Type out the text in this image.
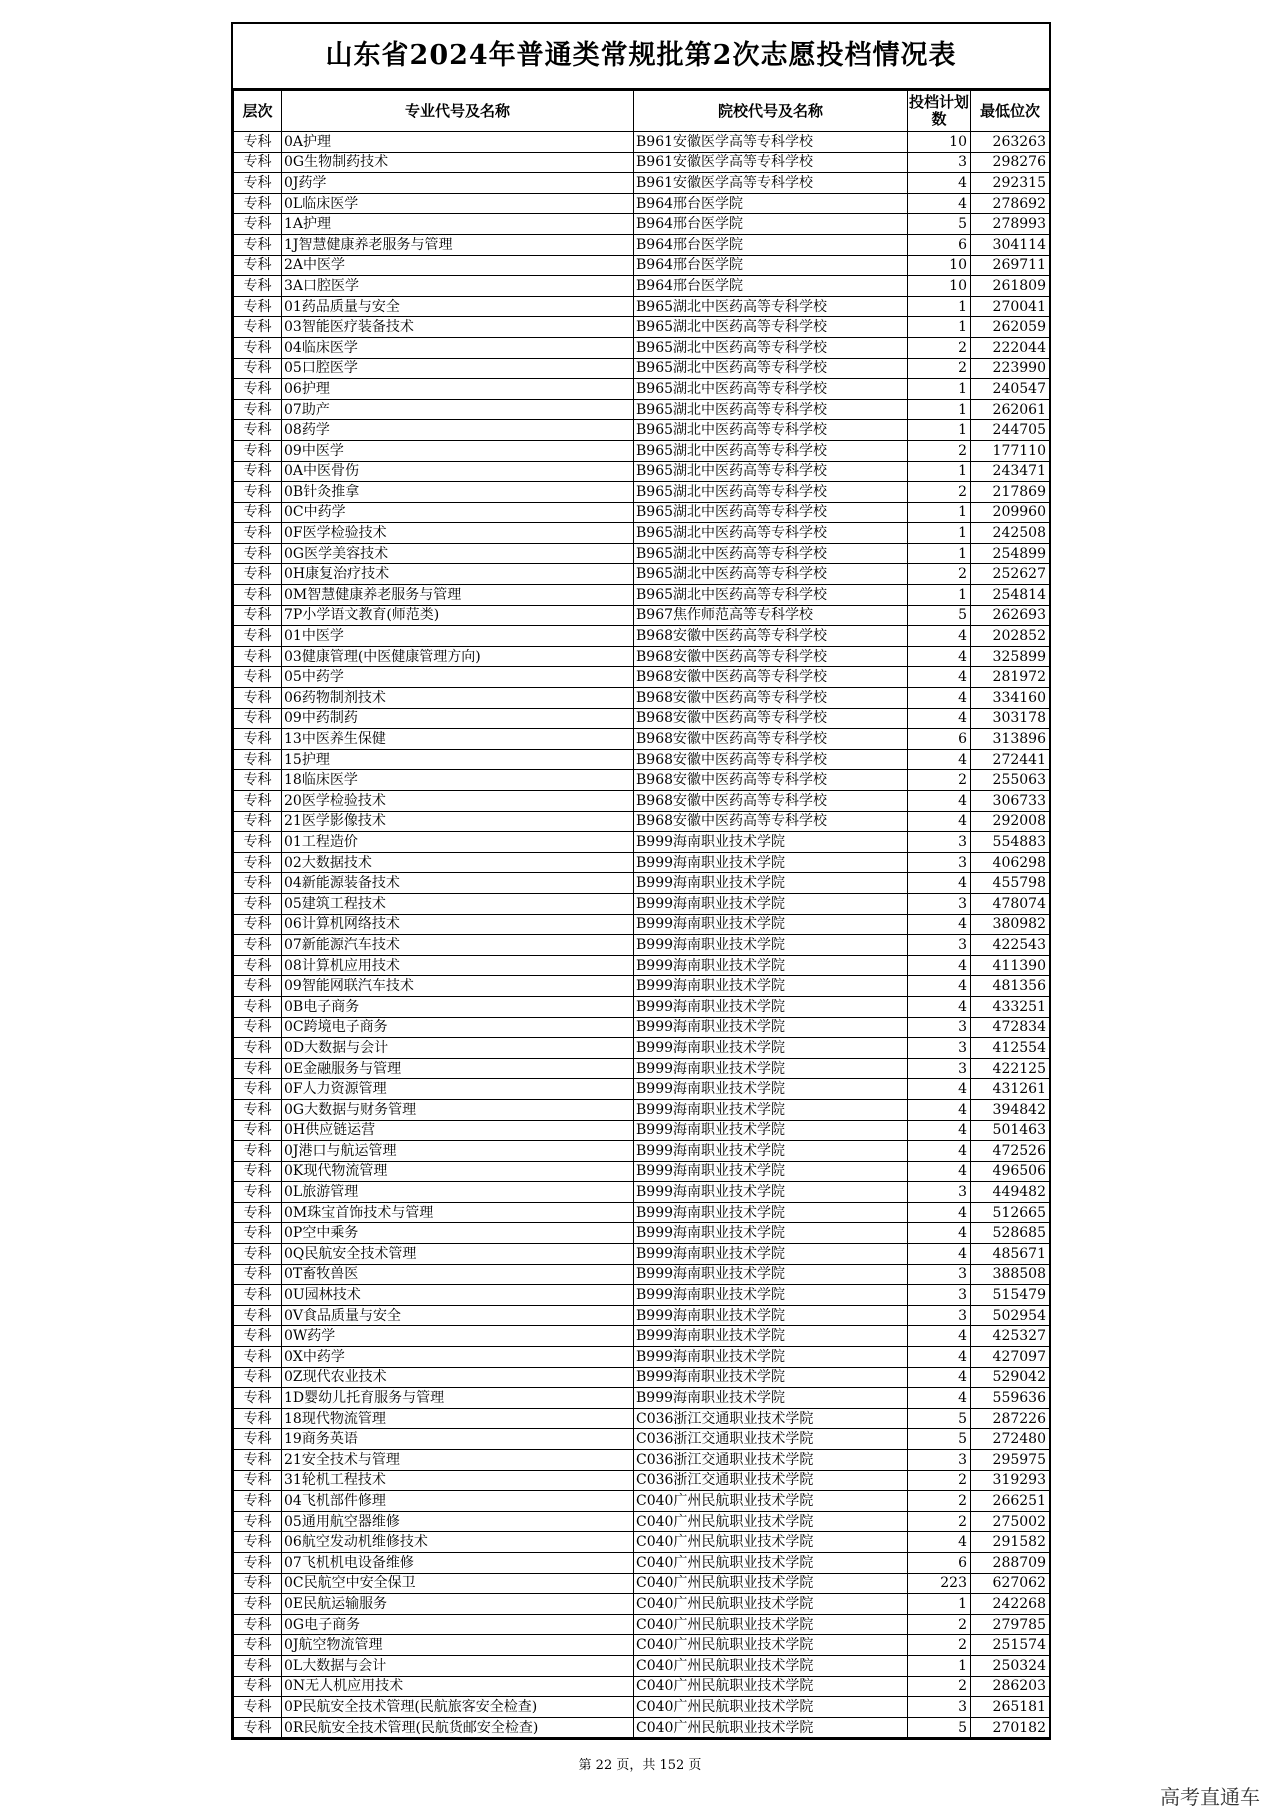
山东省2024年普通类常规批第2次志愿投档情况表
层次	专业代号及名称	院校代号及名称	投档计划数	最低位次
专科	0A护理	B961安徽医学高等专科学校	10	263263
专科	0G生物制药技术	B961安徽医学高等专科学校	3	298276
专科	0J药学	B961安徽医学高等专科学校	4	292315
专科	0L临床医学	B964邢台医学院	4	278692
专科	1A护理	B964邢台医学院	5	278993
专科	1J智慧健康养老服务与管理	B964邢台医学院	6	304114
专科	2A中医学	B964邢台医学院	10	269711
专科	3A口腔医学	B964邢台医学院	10	261809
专科	01药品质量与安全	B965湖北中医药高等专科学校	1	270041
专科	03智能医疗装备技术	B965湖北中医药高等专科学校	1	262059
专科	04临床医学	B965湖北中医药高等专科学校	2	222044
专科	05口腔医学	B965湖北中医药高等专科学校	2	223990
专科	06护理	B965湖北中医药高等专科学校	1	240547
专科	07助产	B965湖北中医药高等专科学校	1	262061
专科	08药学	B965湖北中医药高等专科学校	1	244705
专科	09中医学	B965湖北中医药高等专科学校	2	177110
专科	0A中医骨伤	B965湖北中医药高等专科学校	1	243471
专科	0B针灸推拿	B965湖北中医药高等专科学校	2	217869
专科	0C中药学	B965湖北中医药高等专科学校	1	209960
专科	0F医学检验技术	B965湖北中医药高等专科学校	1	242508
专科	0G医学美容技术	B965湖北中医药高等专科学校	1	254899
专科	0H康复治疗技术	B965湖北中医药高等专科学校	2	252627
专科	0M智慧健康养老服务与管理	B965湖北中医药高等专科学校	1	254814
专科	7P小学语文教育(师范类)	B967焦作师范高等专科学校	5	262693
专科	01中医学	B968安徽中医药高等专科学校	4	202852
专科	03健康管理(中医健康管理方向)	B968安徽中医药高等专科学校	4	325899
专科	05中药学	B968安徽中医药高等专科学校	4	281972
专科	06药物制剂技术	B968安徽中医药高等专科学校	4	334160
专科	09中药制药	B968安徽中医药高等专科学校	4	303178
专科	13中医养生保健	B968安徽中医药高等专科学校	6	313896
专科	15护理	B968安徽中医药高等专科学校	4	272441
专科	18临床医学	B968安徽中医药高等专科学校	2	255063
专科	20医学检验技术	B968安徽中医药高等专科学校	4	306733
专科	21医学影像技术	B968安徽中医药高等专科学校	4	292008
专科	01工程造价	B999海南职业技术学院	3	554883
专科	02大数据技术	B999海南职业技术学院	3	406298
专科	04新能源装备技术	B999海南职业技术学院	4	455798
专科	05建筑工程技术	B999海南职业技术学院	3	478074
专科	06计算机网络技术	B999海南职业技术学院	4	380982
专科	07新能源汽车技术	B999海南职业技术学院	3	422543
专科	08计算机应用技术	B999海南职业技术学院	4	411390
专科	09智能网联汽车技术	B999海南职业技术学院	4	481356
专科	0B电子商务	B999海南职业技术学院	4	433251
专科	0C跨境电子商务	B999海南职业技术学院	3	472834
专科	0D大数据与会计	B999海南职业技术学院	3	412554
专科	0E金融服务与管理	B999海南职业技术学院	3	422125
专科	0F人力资源管理	B999海南职业技术学院	4	431261
专科	0G大数据与财务管理	B999海南职业技术学院	4	394842
专科	0H供应链运营	B999海南职业技术学院	4	501463
专科	0J港口与航运管理	B999海南职业技术学院	4	472526
专科	0K现代物流管理	B999海南职业技术学院	4	496506
专科	0L旅游管理	B999海南职业技术学院	3	449482
专科	0M珠宝首饰技术与管理	B999海南职业技术学院	4	512665
专科	0P空中乘务	B999海南职业技术学院	4	528685
专科	0Q民航安全技术管理	B999海南职业技术学院	4	485671
专科	0T畜牧兽医	B999海南职业技术学院	3	388508
专科	0U园林技术	B999海南职业技术学院	3	515479
专科	0V食品质量与安全	B999海南职业技术学院	3	502954
专科	0W药学	B999海南职业技术学院	4	425327
专科	0X中药学	B999海南职业技术学院	4	427097
专科	0Z现代农业技术	B999海南职业技术学院	4	529042
专科	1D婴幼儿托育服务与管理	B999海南职业技术学院	4	559636
专科	18现代物流管理	C036浙江交通职业技术学院	5	287226
专科	19商务英语	C036浙江交通职业技术学院	5	272480
专科	21安全技术与管理	C036浙江交通职业技术学院	3	295975
专科	31轮机工程技术	C036浙江交通职业技术学院	2	319293
专科	04飞机部件修理	C040广州民航职业技术学院	2	266251
专科	05通用航空器维修	C040广州民航职业技术学院	2	275002
专科	06航空发动机维修技术	C040广州民航职业技术学院	4	291582
专科	07飞机机电设备维修	C040广州民航职业技术学院	6	288709
专科	0C民航空中安全保卫	C040广州民航职业技术学院	223	627062
专科	0E民航运输服务	C040广州民航职业技术学院	1	242268
专科	0G电子商务	C040广州民航职业技术学院	2	279785
专科	0J航空物流管理	C040广州民航职业技术学院	2	251574
专科	0L大数据与会计	C040广州民航职业技术学院	1	250324
专科	0N无人机应用技术	C040广州民航职业技术学院	2	286203
专科	0P民航安全技术管理(民航旅客安全检查)	C040广州民航职业技术学院	3	265181
专科	0R民航安全技术管理(民航货邮安全检查)	C040广州民航职业技术学院	5	270182
第 22 页，共 152 页
高考直通车
